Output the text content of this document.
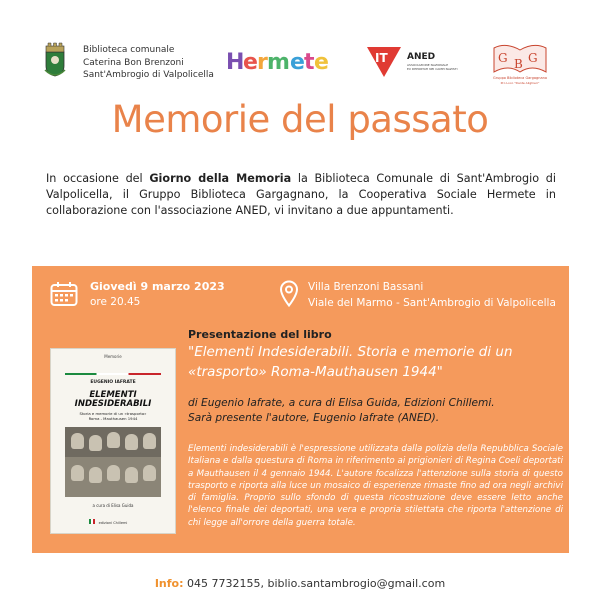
Biblioteca comunale
Caterina Bon Brenzoni
Sant'Ambrogio di Valpolicella H
e r m e t e	IT ANED
ASSOCIAZIONE NAZIONALE
EX DEPORTATI NEI CAMPI NAZISTI
G B G
Gruppo Biblioteca Gargagnano
Pro Loco "Dante Alighieri"
Memorie del passato
In occasione del Giorno della Memoria la Biblioteca Comunale di Sant'Ambrogio di Valpolicella, il Gruppo Biblioteca Gargagnano, la Cooperativa Sociale Hermete in collaborazione con l'associazione ANED, vi invitano a due appuntamenti.
Giovedì 9 marzo 2023
ore 20.45
Villa Brenzoni Bassani
Viale del Marmo - Sant'Ambrogio di Valpolicella
Memorie
EUGENIO IAFRATE
ELEMENTI
INDESIDERABILI
Storia e memorie di un «trasporto»
Roma - Mauthausen 1944
a cura di Elisa Guida
edizioni Chillemi
Presentazione del libro
"Elementi Indesiderabili. Storia e memorie di un «trasporto» Roma-Mauthausen 1944"
di Eugenio Iafrate, a cura di Elisa Guida, Edizioni Chillemi.
Sarà presente l'autore, Eugenio Iafrate (ANED).
Elementi indesiderabili è l'espressione utilizzata dalla polizia della Repubblica Sociale Italiana e dalla questura di Roma in riferimento ai prigionieri di Regina Coeli deportati a Mauthausen il 4 gennaio 1944. L'autore focalizza l'attenzione sulla storia di questo trasporto e riporta alla luce un mosaico di esperienze rimaste fino ad ora negli archivi di famiglia. Proprio sullo sfondo di questa ricostruzione deve essere letto anche l'elenco finale dei deportati, una vera e propria stilettata che riporta l'attenzione di chi legge all'orrore della guerra totale.
Info: 045 7732155, biblio.santambrogio@gmail.com
